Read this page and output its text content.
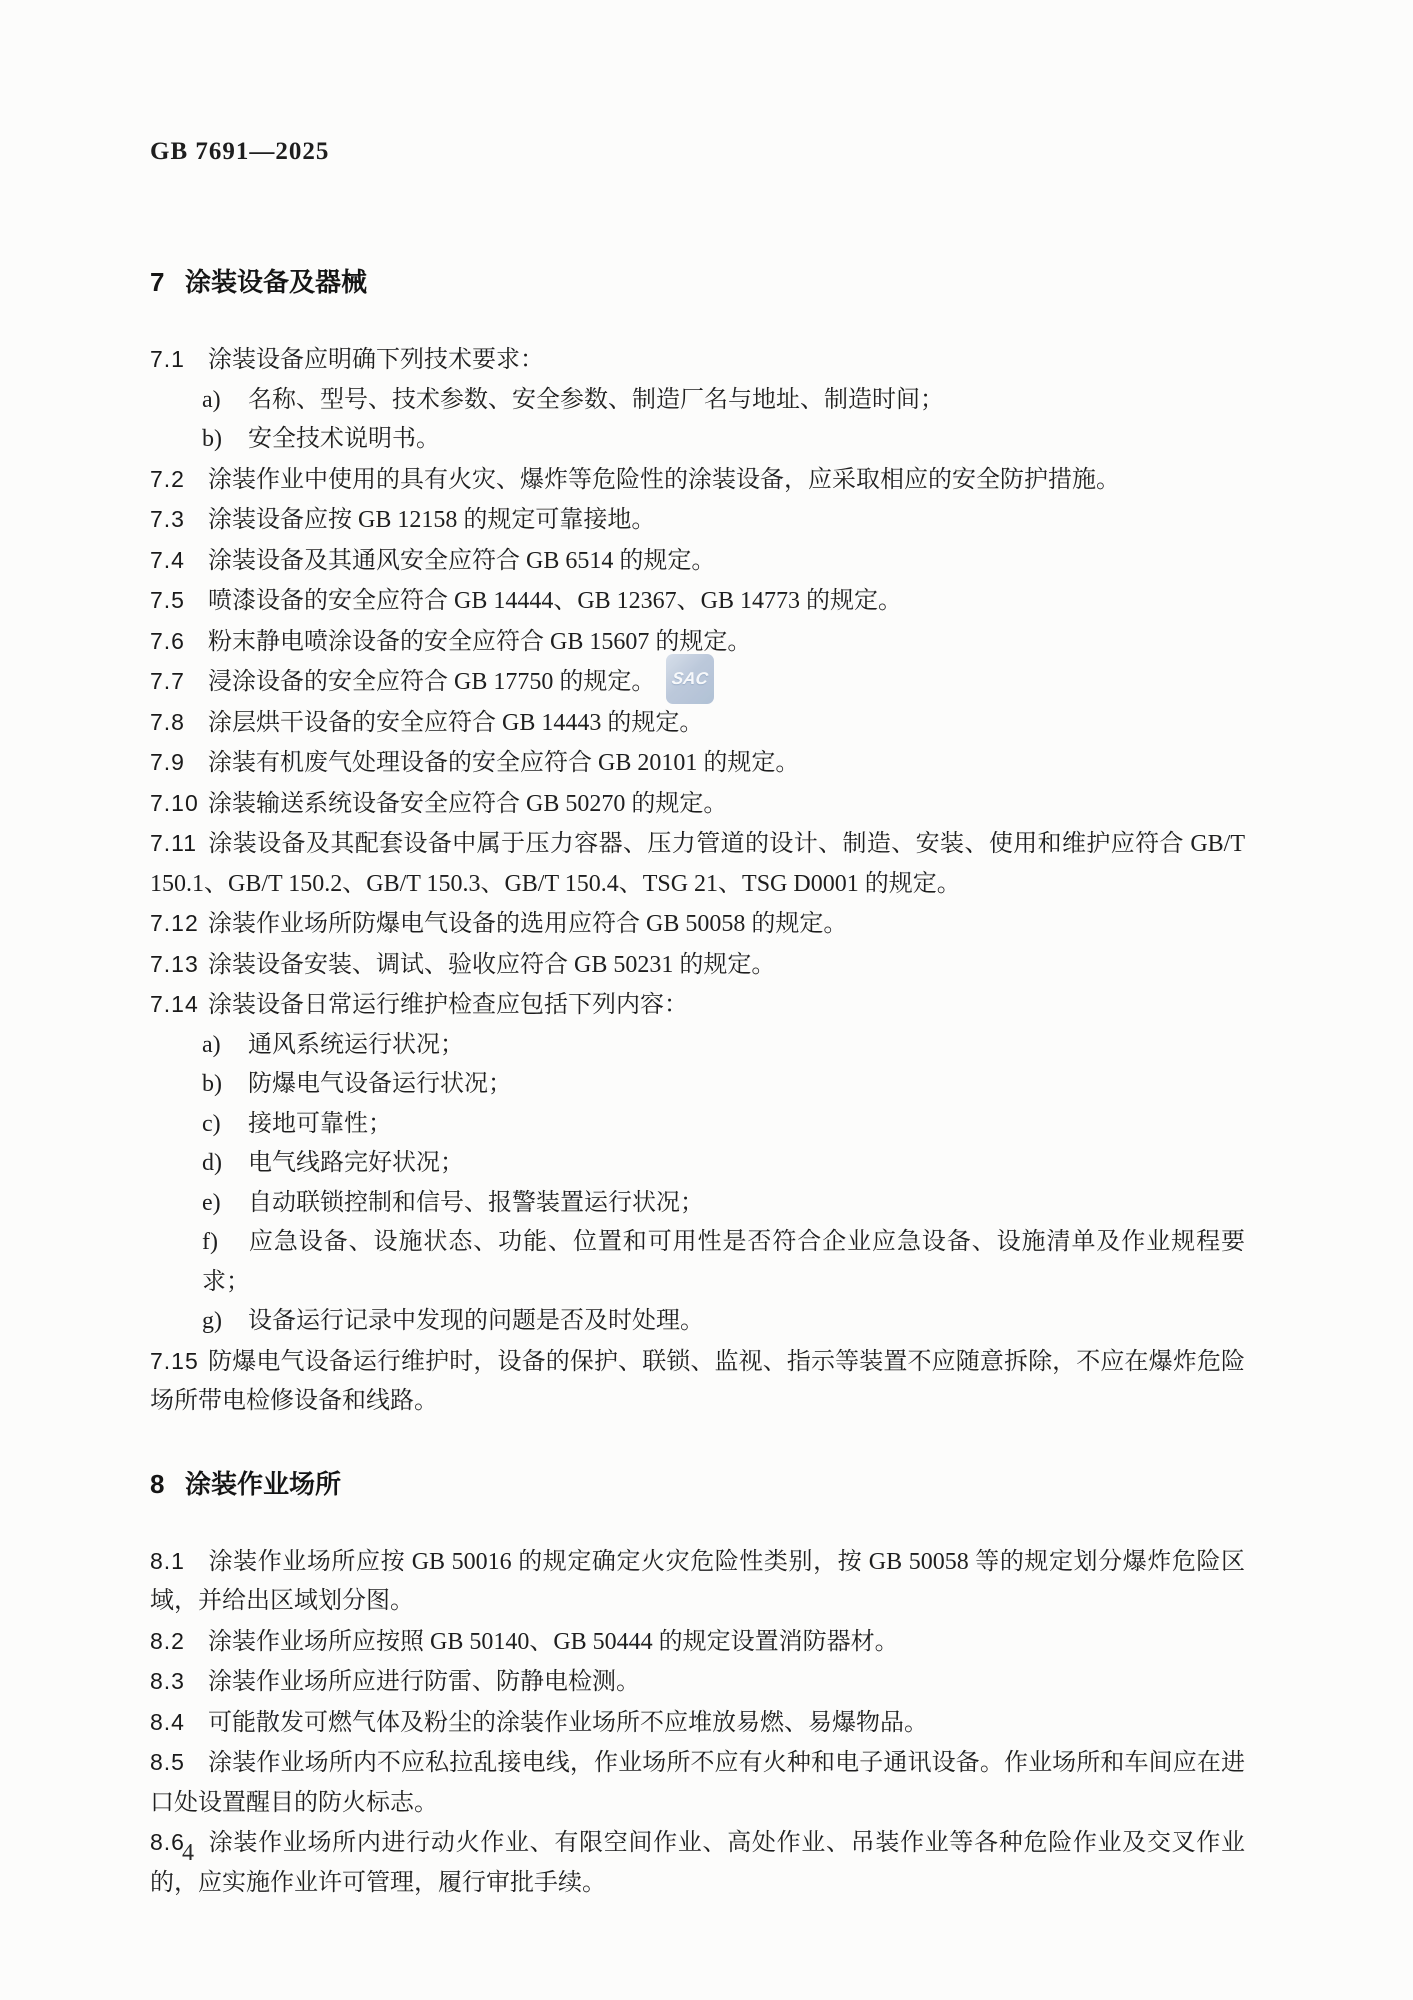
GB 7691—2025
SAC
7 涂装设备及器械

7.1 涂装设备应明确下列技术要求：

a) 名称、型号、技术参数、安全参数、制造厂名与地址、制造时间；

b) 安全技术说明书。

7.2 涂装作业中使用的具有火灾、爆炸等危险性的涂装设备，应采取相应的安全防护措施。

7.3 涂装设备应按 GB 12158 的规定可靠接地。

7.4 涂装设备及其通风安全应符合 GB 6514 的规定。

7.5 喷漆设备的安全应符合 GB 14444、GB 12367、GB 14773 的规定。

7.6 粉末静电喷涂设备的安全应符合 GB 15607 的规定。

7.7 浸涂设备的安全应符合 GB 17750 的规定。

7.8 涂层烘干设备的安全应符合 GB 14443 的规定。

7.9 涂装有机废气处理设备的安全应符合 GB 20101 的规定。

7.10 涂装输送系统设备安全应符合 GB 50270 的规定。

7.11 涂装设备及其配套设备中属于压力容器、压力管道的设计、制造、安装、使用和维护应符合 GB/T 150.1、GB/T 150.2、GB/T 150.3、GB/T 150.4、TSG 21、TSG D0001 的规定。

7.12 涂装作业场所防爆电气设备的选用应符合 GB 50058 的规定。

7.13 涂装设备安装、调试、验收应符合 GB 50231 的规定。

7.14 涂装设备日常运行维护检查应包括下列内容：

a) 通风系统运行状况；

b) 防爆电气设备运行状况；

c) 接地可靠性；

d) 电气线路完好状况；

e) 自动联锁控制和信号、报警装置运行状况；

f) 应急设备、设施状态、功能、位置和可用性是否符合企业应急设备、设施清单及作业规程要求；

g) 设备运行记录中发现的问题是否及时处理。

7.15 防爆电气设备运行维护时，设备的保护、联锁、监视、指示等装置不应随意拆除，不应在爆炸危险场所带电检修设备和线路。

8 涂装作业场所

8.1 涂装作业场所应按 GB 50016 的规定确定火灾危险性类别，按 GB 50058 等的规定划分爆炸危险区域，并给出区域划分图。

8.2 涂装作业场所应按照 GB 50140、GB 50444 的规定设置消防器材。

8.3 涂装作业场所应进行防雷、防静电检测。

8.4 可能散发可燃气体及粉尘的涂装作业场所不应堆放易燃、易爆物品。

8.5 涂装作业场所内不应私拉乱接电线，作业场所不应有火种和电子通讯设备。作业场所和车间应在进口处设置醒目的防火标志。

8.6 涂装作业场所内进行动火作业、有限空间作业、高处作业、吊装作业等各种危险作业及交叉作业的，应实施作业许可管理，履行审批手续。

4
